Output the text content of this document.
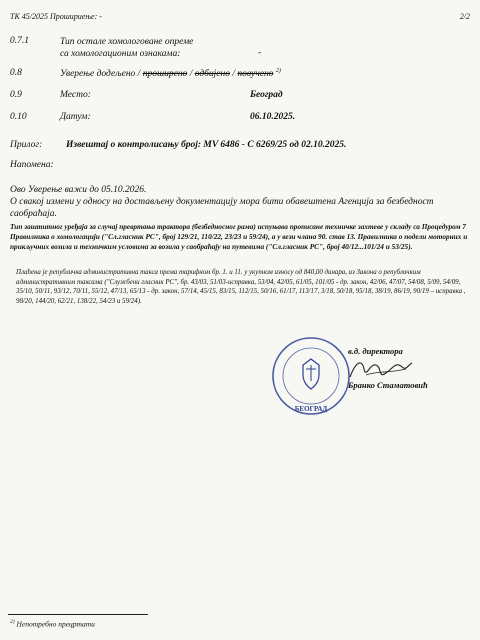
ТК 45/2025 Прошириење: -	2/2
0.7.1	Тип осталe хомологоване опреме
са хомологационим ознакама:	-
0.8	Уверење додељено / проширено / одбијено / повучено $^{2)}$
0.9	Место:	Београд
0.10	Датум:	06.10.2025.
Прилог:	Извештај о контролисању број: MV 6486 - C 6269/25 од 02.10.2025.
Напомена:
Ово Уверење важи до 05.10.2026.
О свакој измени у односу на достављену документацију мора бити обавештена Агенција за безбедност саобраћаја.
Тип заштитног уређаја за случај превртања трактора (безбедносног рама) испуњава прописане техничке захтеве у складу са Процедуром 7 Правилника о хомологацији ("Сл.гласник РС", број 129/21, 110/22, 23/23 и 59/24), а у вези члана 90. став 13. Правилника о подели моторних и прикључних возила и техничким условима за возила у саобраћају на путевима ("Сл.гласник РС", број 40/12...101/24 и 53/25).
Плаћена је републичка административна такса према тарифном бр. 1. и 11. у укупном износу од 840,00 динара, из Закона о републичким административним таксама ("Службени гласник РС", бр. 43/03, 51/03-исправка, 53/04, 42/05, 61/05, 101/05 - др. закон, 42/06, 47/07, 54/08, 5/09, 54/09, 35/10, 50/11, 93/12, 70/11, 55/12, 47/13, 65/13 - др. закон, 57/14, 45/15, 83/15, 112/15, 50/16, 61/17, 113/17, 3/18, 50/18, 95/18, 38/19, 86/19, 90/19 – исправка , 98/20, 144/20, 62/21, 138/22, 54/23 и 59/24).
БЕОГРАД
в.д. директора
Бранко Стаматовић
$^{2)}$ Непотребно прецртати
